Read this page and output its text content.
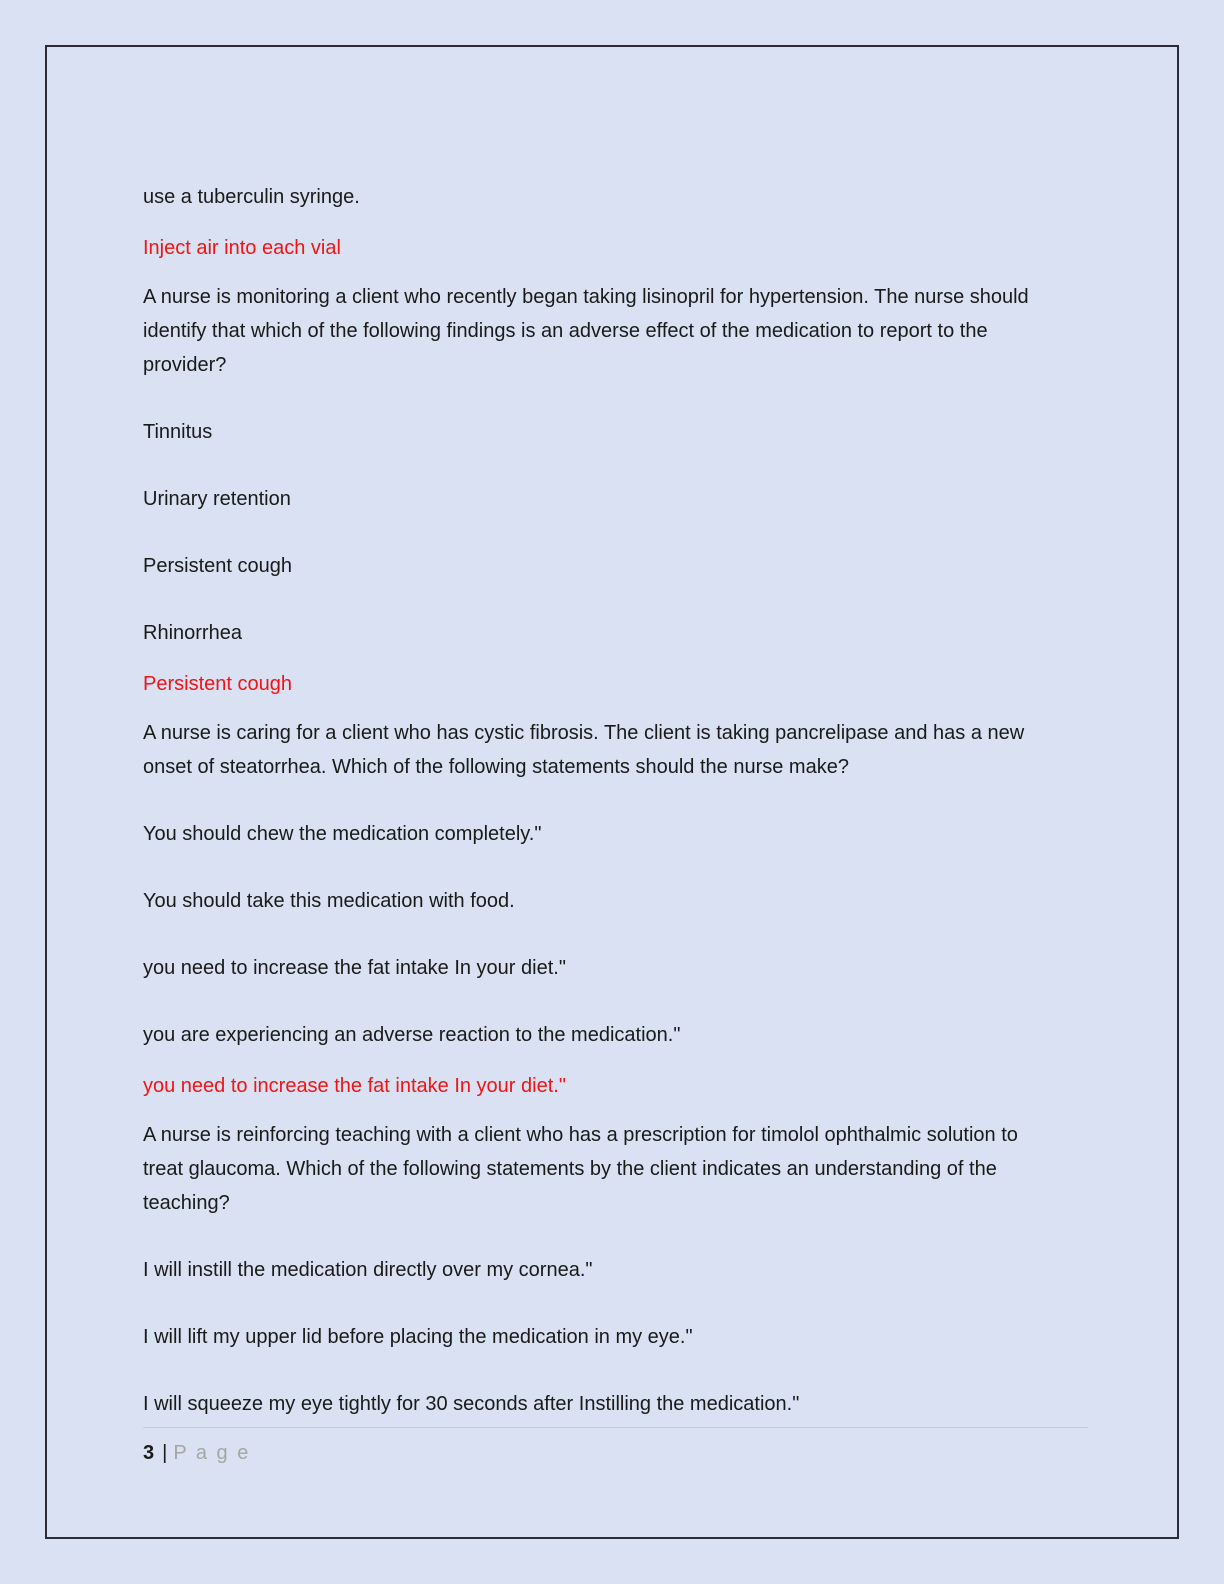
use a tuberculin syringe.
Inject air into each vial
A nurse is monitoring a client who recently began taking lisinopril for hypertension. The nurse should identify that which of the following findings is an adverse effect of the medication to report to the provider?
Tinnitus
Urinary retention
Persistent cough
Rhinorrhea
Persistent cough
A nurse is caring for a client who has cystic fibrosis. The client is taking pancrelipase and has a new onset of steatorrhea. Which of the following statements should the nurse make?
You should chew the medication completely."
You should take this medication with food.
you need to increase the fat intake In your diet."
you are experiencing an adverse reaction to the medication."
you need to increase the fat intake In your diet."
A nurse is reinforcing teaching with a client who has a prescription for timolol ophthalmic solution to treat glaucoma. Which of the following statements by the client indicates an understanding of the teaching?
I will instill the medication directly over my cornea."
I will lift my upper lid before placing the medication in my eye."
I will squeeze my eye tightly for 30 seconds after Instilling the medication."
3 | P a g e
